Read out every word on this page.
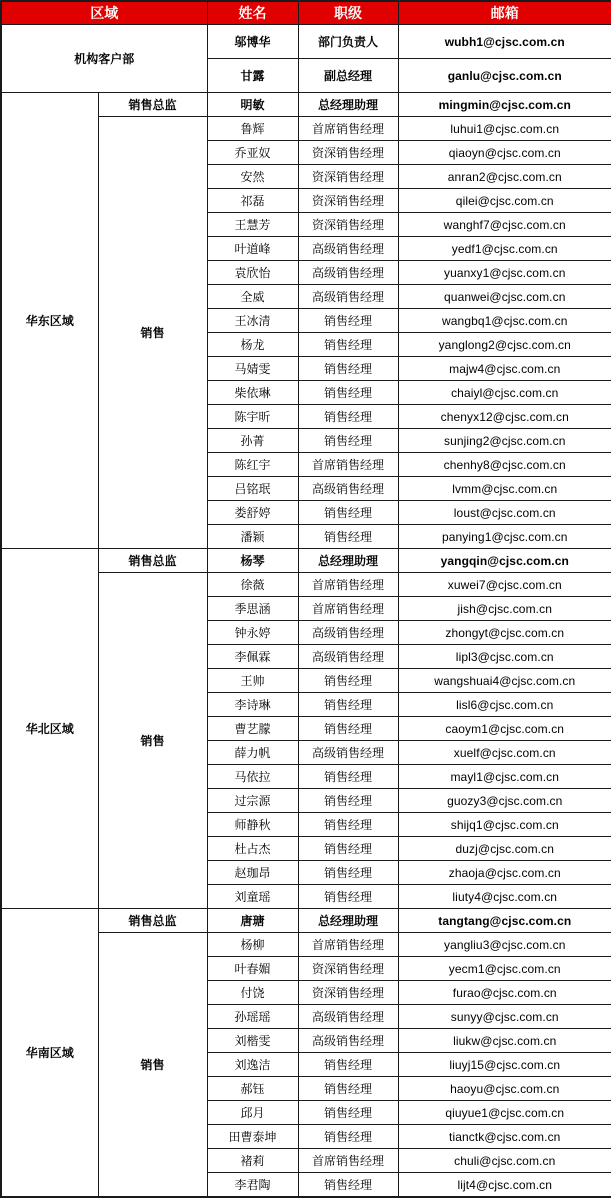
区域		姓名	职级	邮箱
机构客户部		邬博华	部门负责人	wubh1@cjsc.com.cn
		甘露	副总经理	ganlu@cjsc.com.cn
华东区域	销售总监	明敏	总经理助理	mingmin@cjsc.com.cn
	销售	鲁辉	首席销售经理	luhui1@cjsc.com.cn
		乔亚奴	资深销售经理	qiaoyn@cjsc.com.cn
		安然	资深销售经理	anran2@cjsc.com.cn
		祁磊	资深销售经理	qilei@cjsc.com.cn
		王慧芳	资深销售经理	wanghf7@cjsc.com.cn
		叶道峰	高级销售经理	yedf1@cjsc.com.cn
		袁欣怡	高级销售经理	yuanxy1@cjsc.com.cn
		全威	高级销售经理	quanwei@cjsc.com.cn
		王冰清	销售经理	wangbq1@cjsc.com.cn
		杨龙	销售经理	yanglong2@cjsc.com.cn
		马婧雯	销售经理	majw4@cjsc.com.cn
		柴依琳	销售经理	chaiyl@cjsc.com.cn
		陈宇昕	销售经理	chenyx12@cjsc.com.cn
		孙菁	销售经理	sunjing2@cjsc.com.cn
		陈红宇	首席销售经理	chenhy8@cjsc.com.cn
		吕铭珉	高级销售经理	lvmm@cjsc.com.cn
		娄舒婷	销售经理	loust@cjsc.com.cn
		潘颖	销售经理	panying1@cjsc.com.cn
华北区域	销售总监	杨琴	总经理助理	yangqin@cjsc.com.cn
	销售	徐薇	首席销售经理	xuwei7@cjsc.com.cn
		季思涵	首席销售经理	jish@cjsc.com.cn
		钟永婷	高级销售经理	zhongyt@cjsc.com.cn
		李佩霖	高级销售经理	lipl3@cjsc.com.cn
		王帅	销售经理	wangshuai4@cjsc.com.cn
		李诗琳	销售经理	lisl6@cjsc.com.cn
		曹艺朦	销售经理	caoym1@cjsc.com.cn
		薛力帆	高级销售经理	xuelf@cjsc.com.cn
		马依拉	销售经理	mayl1@cjsc.com.cn
		过宗源	销售经理	guozy3@cjsc.com.cn
		师静秋	销售经理	shijq1@cjsc.com.cn
		杜占杰	销售经理	duzj@cjsc.com.cn
		赵珈昂	销售经理	zhaoja@cjsc.com.cn
		刘童瑶	销售经理	liuty4@cjsc.com.cn
华南区域	销售总监	唐瑭	总经理助理	tangtang@cjsc.com.cn
	销售	杨柳	首席销售经理	yangliu3@cjsc.com.cn
		叶春媚	资深销售经理	yecm1@cjsc.com.cn
		付饶	资深销售经理	furao@cjsc.com.cn
		孙瑶瑶	高级销售经理	sunyy@cjsc.com.cn
		刘楷雯	高级销售经理	liukw@cjsc.com.cn
		刘逸洁	销售经理	liuyj15@cjsc.com.cn
		郝钰	销售经理	haoyu@cjsc.com.cn
		邱月	销售经理	qiuyue1@cjsc.com.cn
		田曹泰坤	销售经理	tianctk@cjsc.com.cn
		褚莉	首席销售经理	chuli@cjsc.com.cn
		李君陶	销售经理	lijt4@cjsc.com.cn
